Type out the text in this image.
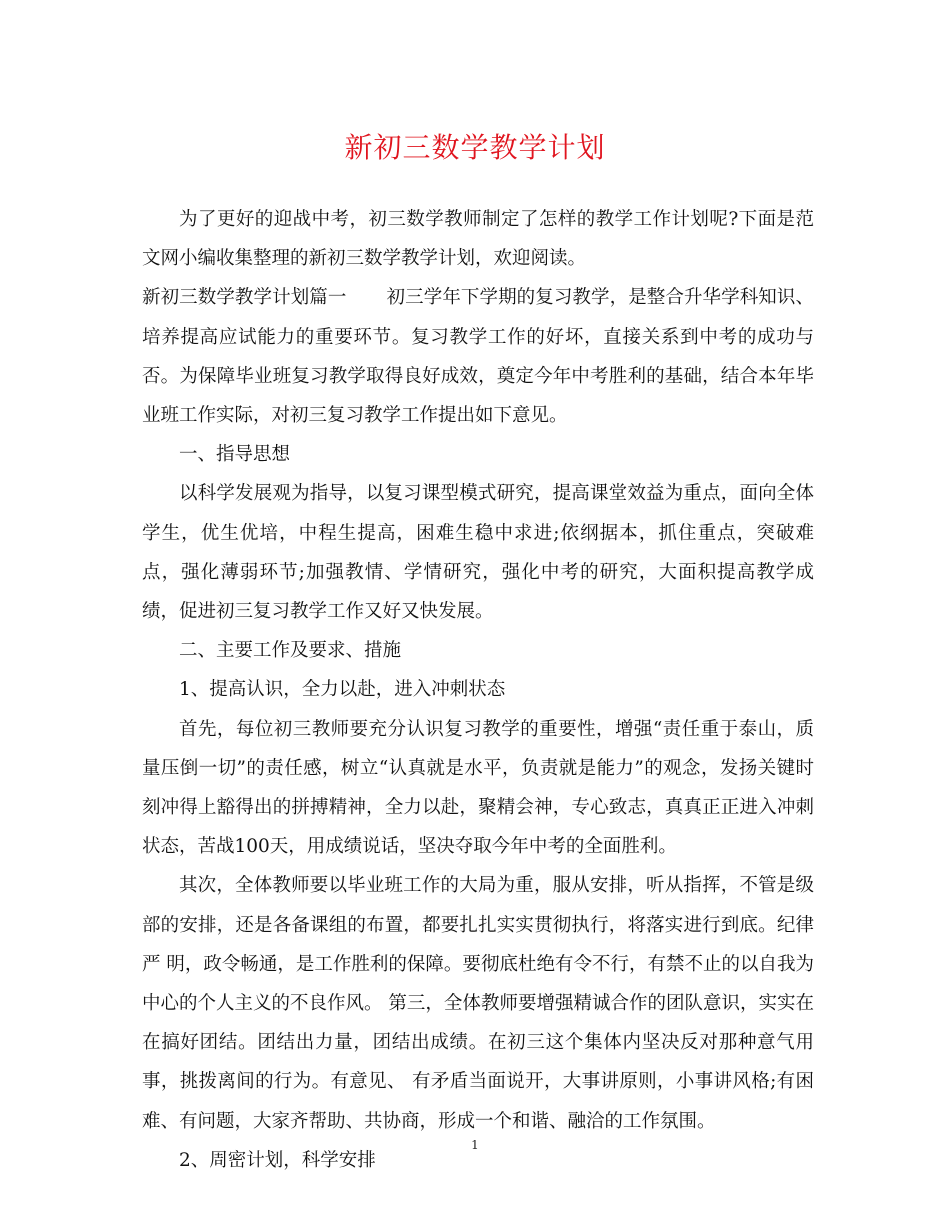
新初三数学教学计划

为了更好的迎战中考，初三数学教师制定了怎样的教学工作计划呢?下面是范文网小编收集整理的新初三数学教学计划，欢迎阅读。

新初三数学教学计划篇一 初三学年下学期的复习教学，是整合升华学科知识、培养提高应试能力的重要环节。复习教学工作的好坏，直接关系到中考的成功与否。为保障毕业班复习教学取得良好成效，奠定今年中考胜利的基础，结合本年毕业班工作实际，对初三复习教学工作提出如下意见。

一、指导思想

以科学发展观为指导，以复习课型模式研究，提高课堂效益为重点，面向全体学生，优生优培，中程生提高，困难生稳中求进;依纲据本，抓住重点，突破难点，强化薄弱环节;加强教情、学情研究，强化中考的研究，大面积提高教学成绩，促进初三复习教学工作又好又快发展。

二、主要工作及要求、措施

1、提高认识，全力以赴，进入冲刺状态

首先，每位初三教师要充分认识复习教学的重要性，增强“责任重于泰山，质量压倒一切”的责任感，树立“认真就是水平，负责就是能力”的观念，发扬关键时刻冲得上豁得出的拼搏精神，全力以赴，聚精会神，专心致志，真真正正进入冲刺状态，苦战100天，用成绩说话，坚决夺取今年中考的全面胜利。

其次，全体教师要以毕业班工作的大局为重，服从安排，听从指挥，不管是级部的安排，还是各备课组的布置，都要扎扎实实贯彻执行，将落实进行到底。纪律严 明，政令畅通，是工作胜利的保障。要彻底杜绝有令不行，有禁不止的以自我为中心的个人主义的不良作风。 第三，全体教师要增强精诚合作的团队意识，实实在在搞好团结。团结出力量，团结出成绩。在初三这个集体内坚决反对那种意气用事，挑拨离间的行为。有意见、 有矛盾当面说开，大事讲原则，小事讲风格;有困难、有问题，大家齐帮助、共协商，形成一个和谐、融洽的工作氛围。

2、周密计划，科学安排

1
